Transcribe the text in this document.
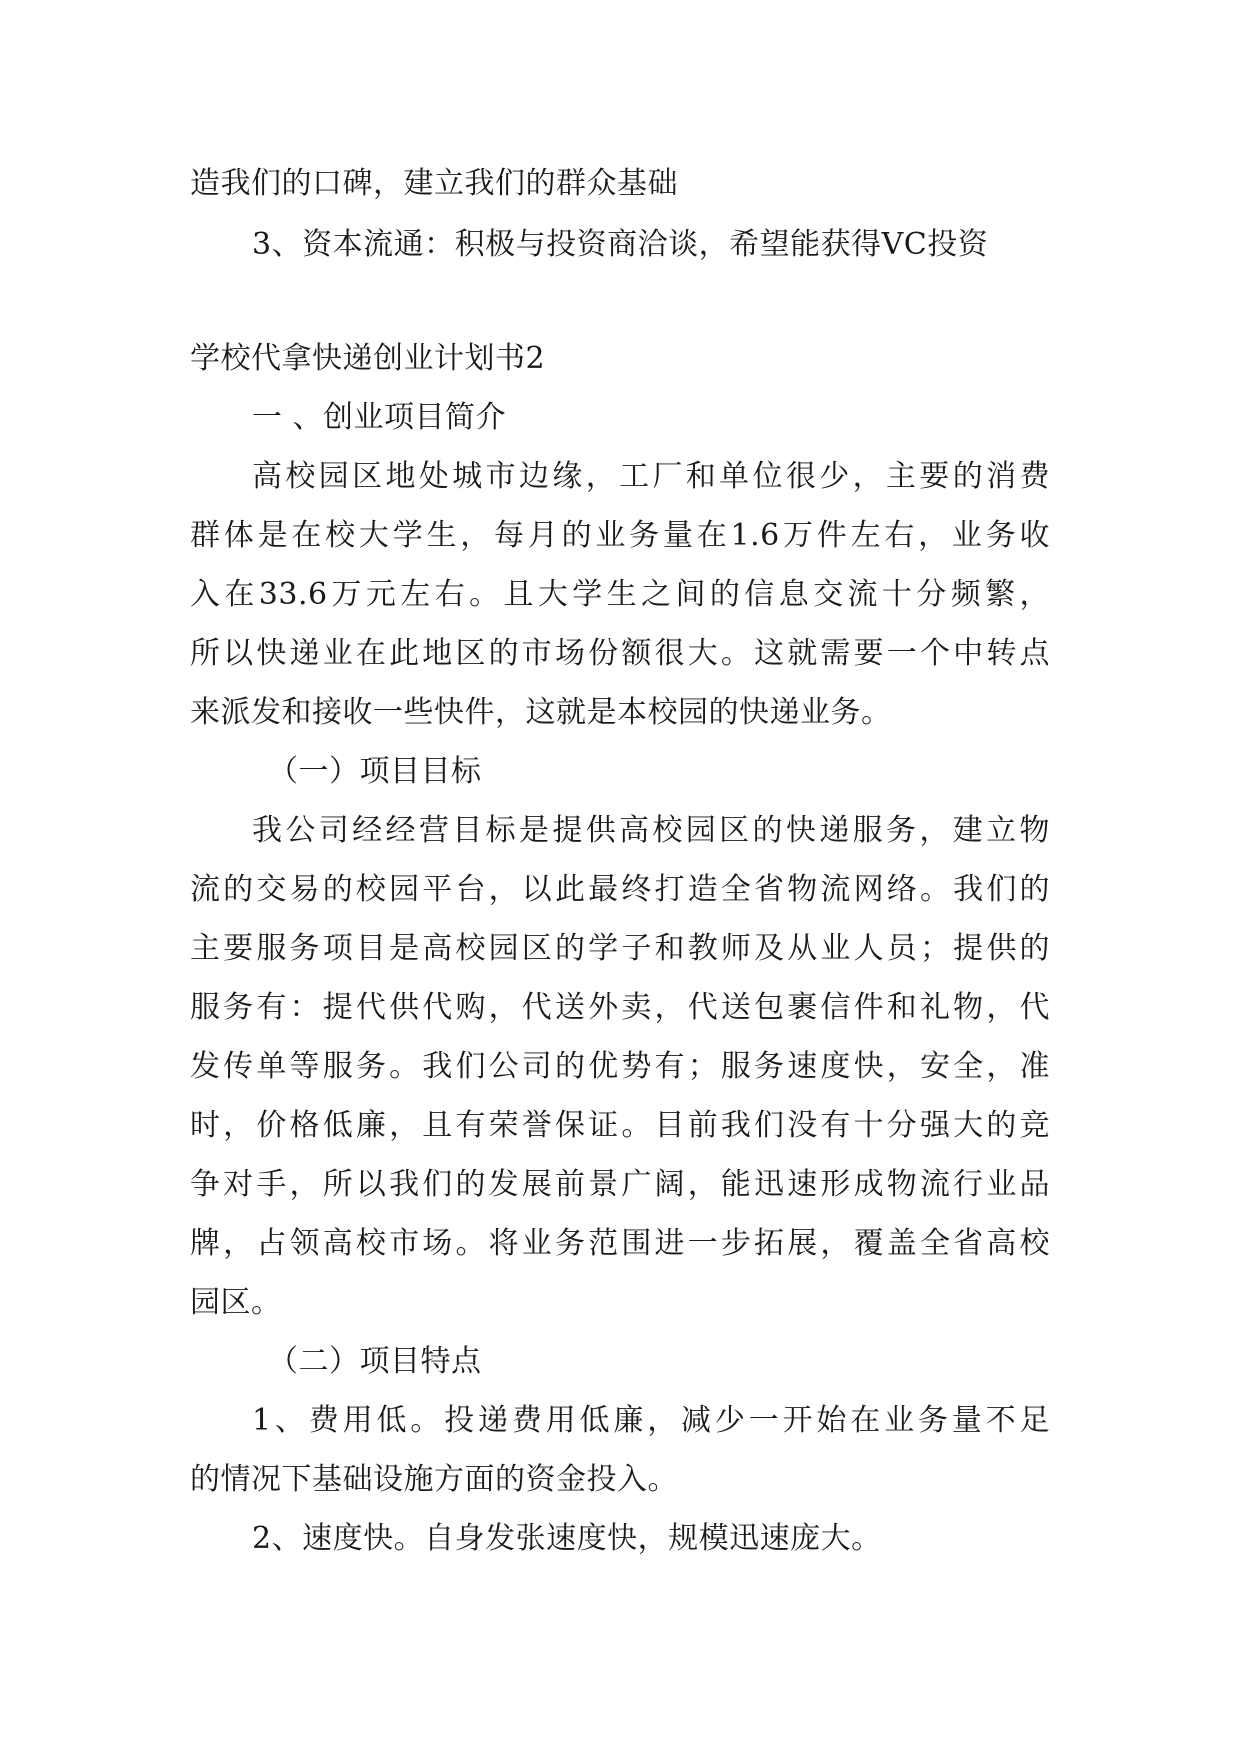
造我们的口碑，建立我们的群众基础
3、资本流通：积极与投资商洽谈，希望能获得VC投资
学校代拿快递创业计划书2
一 、创业项目简介
高校园区地处城市边缘，工厂和单位很少，主要的消费
群体是在校大学生，每月的业务量在1.6万件左右，业务收
入在33.6万元左右。且大学生之间的信息交流十分频繁，
所以快递业在此地区的市场份额很大。这就需要一个中转点
来派发和接收一些快件，这就是本校园的快递业务。
（一）项目目标
我公司经经营目标是提供高校园区的快递服务，建立物
流的交易的校园平台，以此最终打造全省物流网络。我们的
主要服务项目是高校园区的学子和教师及从业人员；提供的
服务有：提代供代购，代送外卖，代送包裹信件和礼物，代
发传单等服务。我们公司的优势有；服务速度快，安全，准
时，价格低廉，且有荣誉保证。目前我们没有十分强大的竞
争对手，所以我们的发展前景广阔，能迅速形成物流行业品
牌，占领高校市场。将业务范围进一步拓展，覆盖全省高校
园区。
（二）项目特点
1、费用低。投递费用低廉，减少一开始在业务量不足
的情况下基础设施方面的资金投入。
2、速度快。自身发张速度快，规模迅速庞大。
